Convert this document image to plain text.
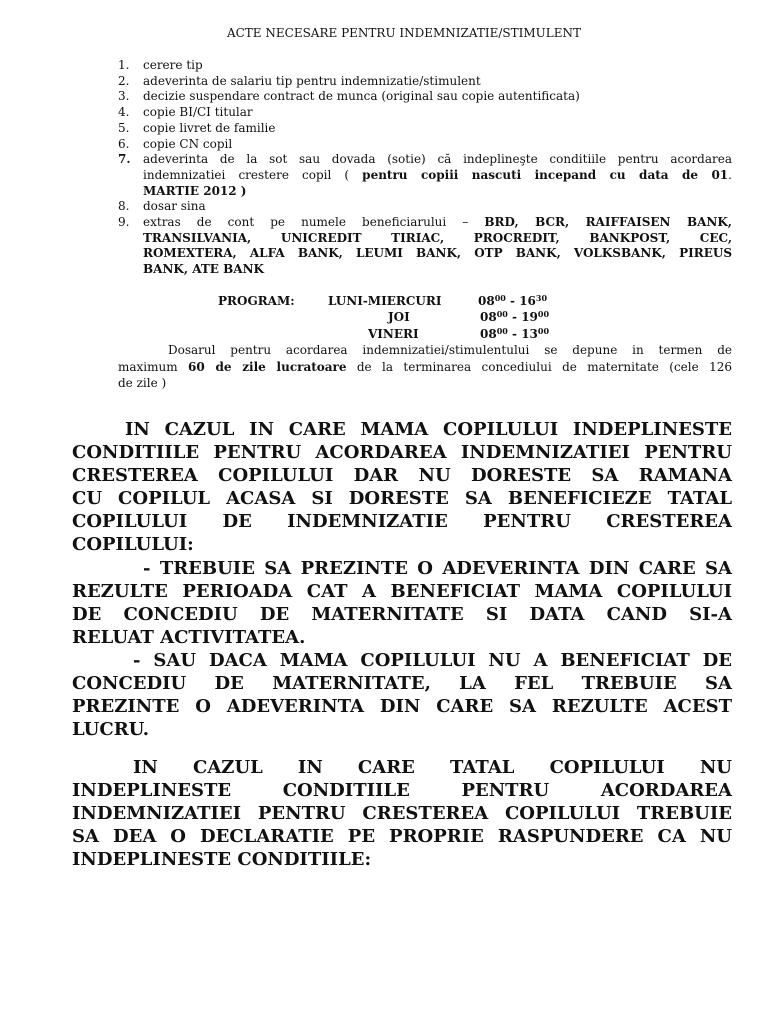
ACTE NECESARE PENTRU INDEMNIZATIE/STIMULENT
1. cerere tip
2. adeverinta de salariu tip pentru indemnizatie/stimulent
3. decizie suspendare contract de munca (original sau copie autentificata)
4. copie BI/CI titular
5. copie livret de familie
6. copie CN copil
7. adeverinta de la sot sau dovada (sotie) că indeplineşte conditiile pentru acordarea
indemnizatiei crestere copil ( pentru copiii nascuti incepand cu data de 01.
MARTIE 2012 )
8. dosar sina
9. extras de cont pe numele beneficiarului – BRD, BCR, RAIFFAISEN BANK,
TRANSILVANIA, UNICREDIT TIRIAC, PROCREDIT, BANKPOST, CEC,
ROMEXTERA, ALFA BANK, LEUMI BANK, OTP BANK, VOLKSBANK, PIREUS
BANK, ATE BANK
PROGRAM:	LUNI-MIERCURI	$08^{00} - 16^{30}$
JOI	$08^{00} - 19^{00}$
VINERI	$08^{00} - 13^{00}$
Dosarul pentru acordarea indemnizatiei/stimulentului se depune in termen de
maximum 60 de zile lucratoare de la terminarea concediului de maternitate (cele 126
de zile )
IN CAZUL IN CARE MAMA COPILULUI INDEPLINESTE
CONDITIILE PENTRU ACORDAREA INDEMNIZATIEI PENTRU
CRESTEREA COPILULUI DAR NU DORESTE SA RAMANA
CU COPILUL ACASA SI DORESTE SA BENEFICIEZE TATAL
COPILULUI DE INDEMNIZATIE PENTRU CRESTEREA
COPILULUI:
- TREBUIE SA PREZINTE O ADEVERINTA DIN CARE SA
REZULTE PERIOADA CAT A BENEFICIAT MAMA COPILULUI
DE CONCEDIU DE MATERNITATE SI DATA CAND SI-A
RELUAT ACTIVITATEA.
- SAU DACA MAMA COPILULUI NU A BENEFICIAT DE
CONCEDIU DE MATERNITATE, LA FEL TREBUIE SA
PREZINTE O ADEVERINTA DIN CARE SA REZULTE ACEST
LUCRU.
IN CAZUL IN CARE TATAL COPILULUI NU
INDEPLINESTE CONDITIILE PENTRU ACORDAREA
INDEMNIZATIEI PENTRU CRESTEREA COPILULUI TREBUIE
SA DEA O DECLARATIE PE PROPRIE RASPUNDERE CA NU
INDEPLINESTE CONDITIILE:
